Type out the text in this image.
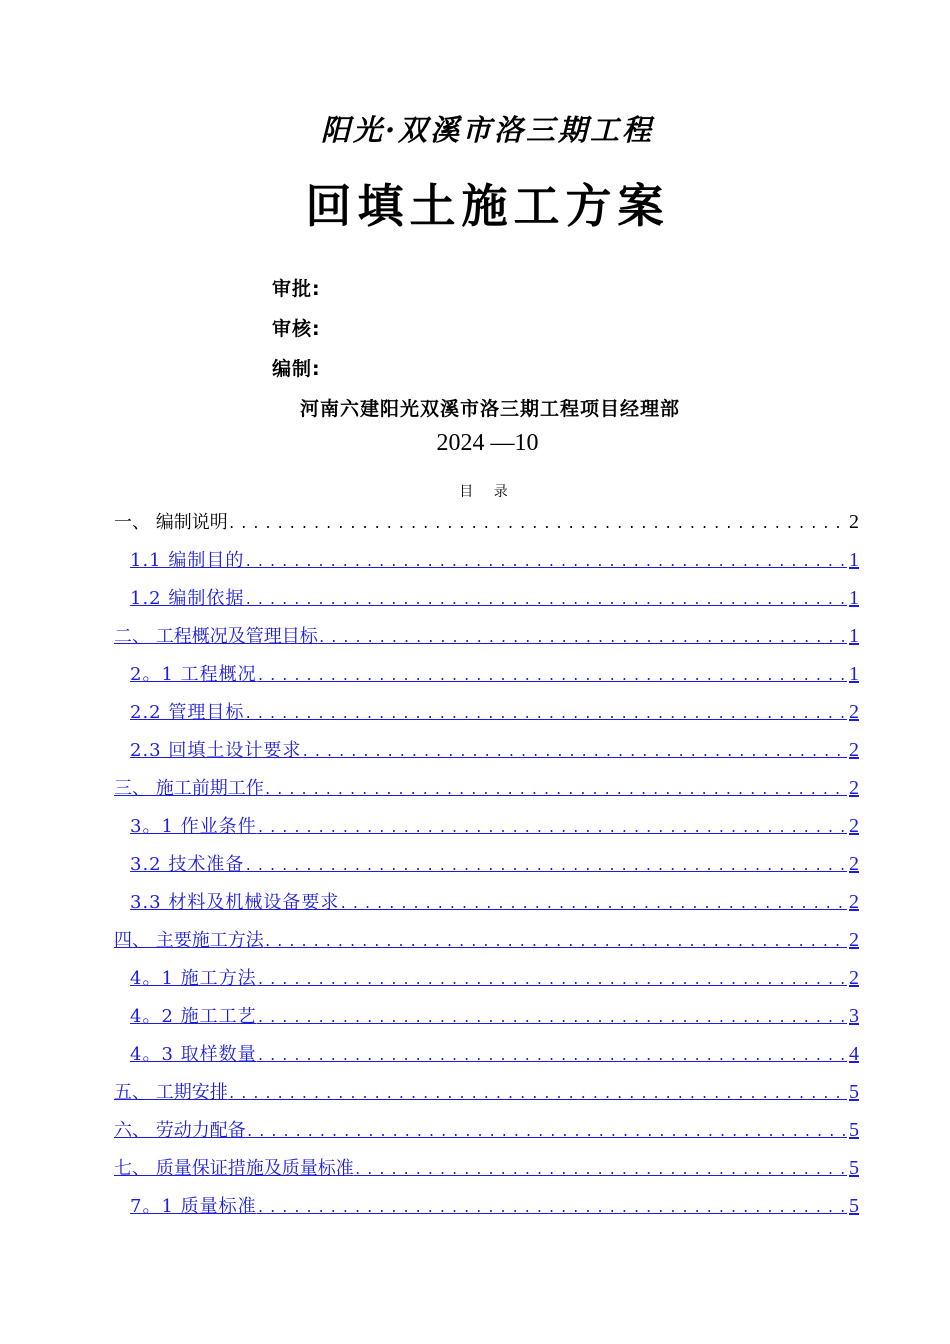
阳光·双溪市洛三期工程
回填土施工方案
审批:
审核:
编制:
河南六建阳光双溪市洛三期工程项目经理部
2024 —10
目 录
一、 编制说明 .....	2
1.1 编制目的 .....	1
1.2 编制依据 .....	1
二、 工程概况及管理目标 .....	1
2。1 工程概况 .....	1
2.2 管理目标 .....	2
2.3 回填土设计要求 .....	2
三、 施工前期工作 .....	2
3。1 作业条件 .....	2
3.2 技术准备 .....	2
3.3 材料及机械设备要求 .....	2
四、 主要施工方法 .....	2
4。1 施工方法 .....	2
4。2 施工工艺 .....	3
4。3 取样数量 .....	4
五、 工期安排 .....	5
六、 劳动力配备 .....	5
七、 质量保证措施及质量标准 .....	5
7。1 质量标准 .....	5
